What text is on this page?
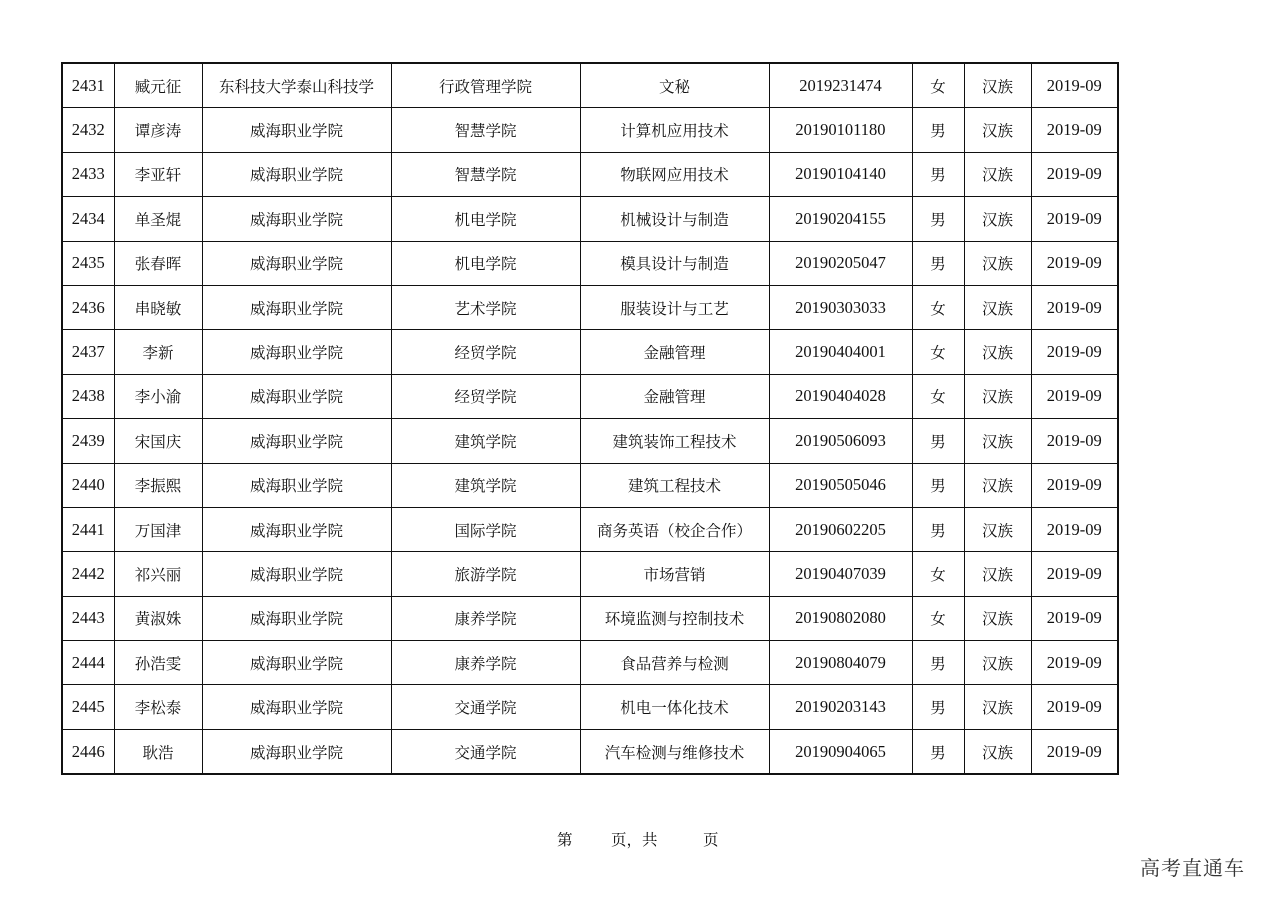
2431	臧元征	东科技大学泰山科技学	行政管理学院	文秘	2019231474	女	汉族	2019-09
2432	谭彦涛	威海职业学院	智慧学院	计算机应用技术	20190101180	男	汉族	2019-09
2433	李亚轩	威海职业学院	智慧学院	物联网应用技术	20190104140	男	汉族	2019-09
2434	单圣焜	威海职业学院	机电学院	机械设计与制造	20190204155	男	汉族	2019-09
2435	张春晖	威海职业学院	机电学院	模具设计与制造	20190205047	男	汉族	2019-09
2436	串晓敏	威海职业学院	艺术学院	服装设计与工艺	20190303033	女	汉族	2019-09
2437	李新	威海职业学院	经贸学院	金融管理	20190404001	女	汉族	2019-09
2438	李小渝	威海职业学院	经贸学院	金融管理	20190404028	女	汉族	2019-09
2439	宋国庆	威海职业学院	建筑学院	建筑装饰工程技术	20190506093	男	汉族	2019-09
2440	李振熙	威海职业学院	建筑学院	建筑工程技术	20190505046	男	汉族	2019-09
2441	万国津	威海职业学院	国际学院	商务英语（校企合作）	20190602205	男	汉族	2019-09
2442	祁兴丽	威海职业学院	旅游学院	市场营销	20190407039	女	汉族	2019-09
2443	黄淑姝	威海职业学院	康养学院	环境监测与控制技术	20190802080	女	汉族	2019-09
2444	孙浩雯	威海职业学院	康养学院	食品营养与检测	20190804079	男	汉族	2019-09
2445	李松泰	威海职业学院	交通学院	机电一体化技术	20190203143	男	汉族	2019-09
2446	耿浩	威海职业学院	交通学院	汽车检测与维修技术	20190904065	男	汉族	2019-09
第 页，共	页
高考直通车
